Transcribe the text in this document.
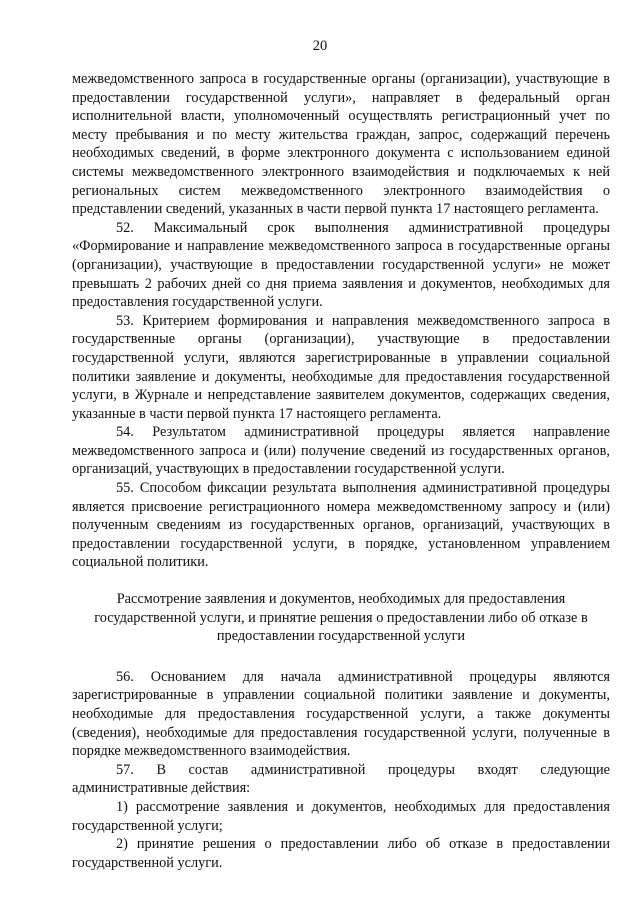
20

межведомственного запроса в государственные органы (организации), участвующие в предоставлении государственной услуги», направляет в федеральный орган исполнительной власти, уполномоченный осуществлять регистрационный учет по месту пребывания и по месту жительства граждан, запрос, содержащий перечень необходимых сведений, в форме электронного документа с использованием единой системы межведомственного электронного взаимодействия и подключаемых к ней региональных систем межведомственного электронного взаимодействия о представлении сведений, указанных в части первой пункта 17 настоящего регламента.

52. Максимальный срок выполнения административной процедуры «Формирование и направление межведомственного запроса в государственные органы (организации), участвующие в предоставлении государственной услуги» не может превышать 2 рабочих дней со дня приема заявления и документов, необходимых для предоставления государственной услуги.

53. Критерием формирования и направления межведомственного запроса в государственные органы (организации), участвующие в предоставлении государственной услуги, являются зарегистрированные в управлении социальной политики заявление и документы, необходимые для предоставления государственной услуги, в Журнале и непредставление заявителем документов, содержащих сведения, указанные в части первой пункта 17 настоящего регламента.

54. Результатом административной процедуры является направление межведомственного запроса и (или) получение сведений из государственных органов, организаций, участвующих в предоставлении государственной услуги.

55. Способом фиксации результата выполнения административной процедуры является присвоение регистрационного номера межведомственному запросу и (или) полученным сведениям из государственных органов, организаций, участвующих в предоставлении государственной услуги, в порядке, установленном управлением социальной политики.

Рассмотрение заявления и документов, необходимых для предоставления государственной услуги, и принятие решения о предоставлении либо об отказе в предоставлении государственной услуги

56. Основанием для начала административной процедуры являются зарегистрированные в управлении социальной политики заявление и документы, необходимые для предоставления государственной услуги, а также документы (сведения), необходимые для предоставления государственной услуги, полученные в порядке межведомственного взаимодействия.

57. В состав административной процедуры входят следующие административные действия:

1) рассмотрение заявления и документов, необходимых для предоставления государственной услуги;

2) принятие решения о предоставлении либо об отказе в предоставлении государственной услуги.
